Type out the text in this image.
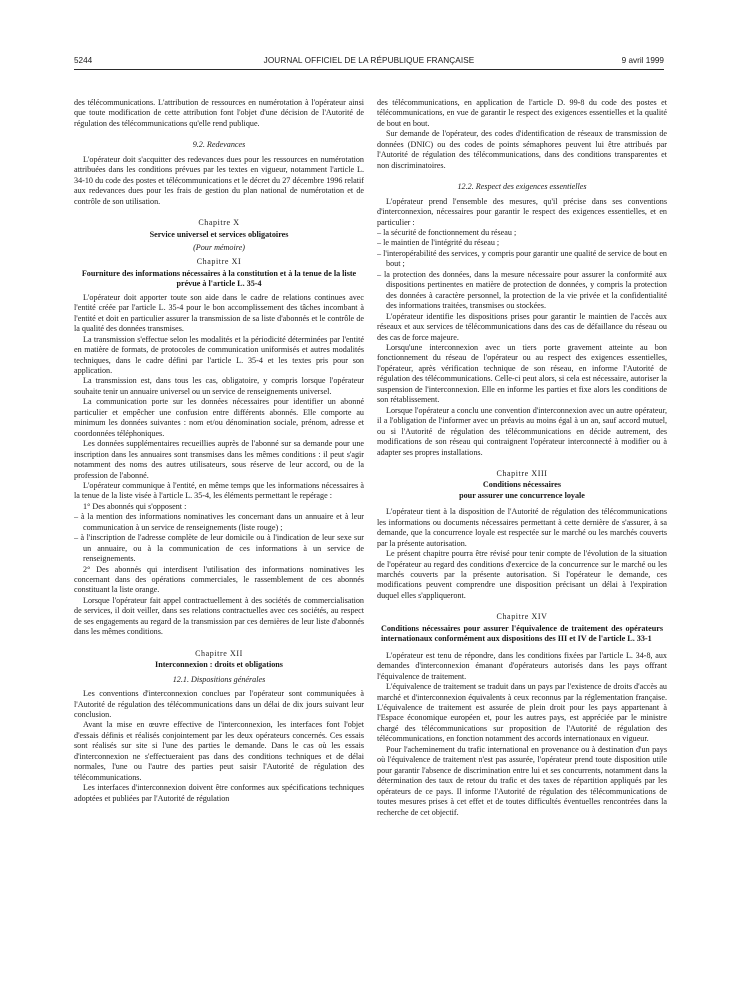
5244	JOURNAL OFFICIEL DE LA RÉPUBLIQUE FRANÇAISE	9 avril 1999

des télécommunications. L'attribution de ressources en numérotation à l'opérateur ainsi que toute modification de cette attribution font l'objet d'une décision de l'Autorité de régulation des télécommunications qu'elle rend publique.

9.2. Redevances

L'opérateur doit s'acquitter des redevances dues pour les ressources en numérotation attribuées dans les conditions prévues par les textes en vigueur, notamment l'article L. 34-10 du code des postes et télécommunications et le décret du 27 décembre 1996 relatif aux redevances dues pour les frais de gestion du plan national de numérotation et de contrôle de son utilisation.

Chapitre X
Service universel et services obligatoires
(Pour mémoire)
Chapitre XI
Fourniture des informations nécessaires à la constitution et à la tenue de la liste prévue à l'article L. 35-4

L'opérateur doit apporter toute son aide dans le cadre de relations continues avec l'entité créée par l'article L. 35-4 pour le bon accomplissement des tâches incombant à l'entité et doit en particulier assurer la transmission de sa liste d'abonnés et le contrôle de la qualité des données transmises.

La transmission s'effectue selon les modalités et la périodicité déterminées par l'entité en matière de formats, de protocoles de communication uniformisés et autres modalités techniques, dans le cadre défini par l'article L. 35-4 et les textes pris pour son application.

La transmission est, dans tous les cas, obligatoire, y compris lorsque l'opérateur souhaite tenir un annuaire universel ou un service de renseignements universel.

La communication porte sur les données nécessaires pour identifier un abonné particulier et empêcher une confusion entre différents abonnés. Elle comporte au minimum les données suivantes : nom et/ou dénomination sociale, prénom, adresse et coordonnées téléphoniques.

Les données supplémentaires recueillies auprès de l'abonné sur sa demande pour une inscription dans les annuaires sont transmises dans les mêmes conditions : il peut s'agir notamment des noms des autres utilisateurs, sous réserve de leur accord, ou de la profession de l'abonné.

L'opérateur communique à l'entité, en même temps que les informations nécessaires à la tenue de la liste visée à l'article L. 35-4, les éléments permettant le repérage :

1° Des abonnés qui s'opposent :

– à la mention des informations nominatives les concernant dans un annuaire et à leur communication à un service de renseignements (liste rouge) ;

– à l'inscription de l'adresse complète de leur domicile ou à l'indication de leur sexe sur un annuaire, ou à la communication de ces informations à un service de renseignements.

2° Des abonnés qui interdisent l'utilisation des informations nominatives les concernant dans des opérations commerciales, le rassemblement de ces abonnés constituant la liste orange.

Lorsque l'opérateur fait appel contractuellement à des sociétés de commercialisation de services, il doit veiller, dans ses relations contractuelles avec ces sociétés, au respect de ses engagements au regard de la transmission par ces dernières de leur liste d'abonnés dans les mêmes conditions.

Chapitre XII
Interconnexion : droits et obligations
12.1. Dispositions générales

Les conventions d'interconnexion conclues par l'opérateur sont communiquées à l'Autorité de régulation des télécommunications dans un délai de dix jours suivant leur conclusion.

Avant la mise en œuvre effective de l'interconnexion, les interfaces font l'objet d'essais définis et réalisés conjointement par les deux opérateurs concernés. Ces essais sont réalisés sur site si l'une des parties le demande. Dans le cas où les essais d'interconnexion ne s'effectueraient pas dans des conditions techniques et de délai normales, l'une ou l'autre des parties peut saisir l'Autorité de régulation des télécommunications.

Les interfaces d'interconnexion doivent être conformes aux spécifications techniques adoptées et publiées par l'Autorité de régulation

des télécommunications, en application de l'article D. 99-8 du code des postes et télécommunications, en vue de garantir le respect des exigences essentielles et la qualité de bout en bout.

Sur demande de l'opérateur, des codes d'identification de réseaux de transmission de données (DNIC) ou des codes de points sémaphores peuvent lui être attribués par l'Autorité de régulation des télécommunications, dans des conditions transparentes et non discriminatoires.

12.2. Respect des exigences essentielles

L'opérateur prend l'ensemble des mesures, qu'il précise dans ses conventions d'interconnexion, nécessaires pour garantir le respect des exigences essentielles, et en particulier :

– la sécurité de fonctionnement du réseau ;

– le maintien de l'intégrité du réseau ;

– l'interopérabilité des services, y compris pour garantir une qualité de service de bout en bout ;

– la protection des données, dans la mesure nécessaire pour assurer la conformité aux dispositions pertinentes en matière de protection de données, y compris la protection des données à caractère personnel, la protection de la vie privée et la confidentialité des informations traitées, transmises ou stockées.

L'opérateur identifie les dispositions prises pour garantir le maintien de l'accès aux réseaux et aux services de télécommunications dans des cas de défaillance du réseau ou des cas de force majeure.

Lorsqu'une interconnexion avec un tiers porte gravement atteinte au bon fonctionnement du réseau de l'opérateur ou au respect des exigences essentielles, l'opérateur, après vérification technique de son réseau, en informe l'Autorité de régulation des télécommunications. Celle-ci peut alors, si cela est nécessaire, autoriser la suspension de l'interconnexion. Elle en informe les parties et fixe alors les conditions de son rétablissement.

Lorsque l'opérateur a conclu une convention d'interconnexion avec un autre opérateur, il a l'obligation de l'informer avec un préavis au moins égal à un an, sauf accord mutuel, ou si l'Autorité de régulation des télécommunications en décide autrement, des modifications de son réseau qui contraignent l'opérateur interconnecté à modifier ou à adapter ses propres installations.

Chapitre XIII
Conditions nécessaires
pour assurer une concurrence loyale

L'opérateur tient à la disposition de l'Autorité de régulation des télécommunications les informations ou documents nécessaires permettant à cette dernière de s'assurer, à sa demande, que la concurrence loyale est respectée sur le marché ou les marchés couverts par la présente autorisation.

Le présent chapitre pourra être révisé pour tenir compte de l'évolution de la situation de l'opérateur au regard des conditions d'exercice de la concurrence sur le marché ou les marchés couverts par la présente autorisation. Si l'opérateur le demande, ces modifications peuvent comprendre une disposition précisant un délai à l'expiration duquel elles s'appliqueront.

Chapitre XIV
Conditions nécessaires pour assurer l'équivalence de traitement des opérateurs internationaux conformément aux dispositions des III et IV de l'article L. 33-1

L'opérateur est tenu de répondre, dans les conditions fixées par l'article L. 34-8, aux demandes d'interconnexion émanant d'opérateurs autorisés dans les pays offrant l'équivalence de traitement.

L'équivalence de traitement se traduit dans un pays par l'existence de droits d'accès au marché et d'interconnexion équivalents à ceux reconnus par la réglementation française. L'équivalence de traitement est assurée de plein droit pour les pays appartenant à l'Espace économique européen et, pour les autres pays, est appréciée par le ministre chargé des télécommunications sur proposition de l'Autorité de régulation des télécommunications, en fonction notamment des accords internationaux en vigueur.

Pour l'acheminement du trafic international en provenance ou à destination d'un pays où l'équivalence de traitement n'est pas assurée, l'opérateur prend toute disposition utile pour garantir l'absence de discrimination entre lui et ses concurrents, notamment dans la détermination des taux de retour du trafic et des taxes de répartition appliqués par les opérateurs de ce pays. Il informe l'Autorité de régulation des télécommunications de toutes mesures prises à cet effet et de toutes difficultés éventuelles rencontrées dans la recherche de cet objectif.
